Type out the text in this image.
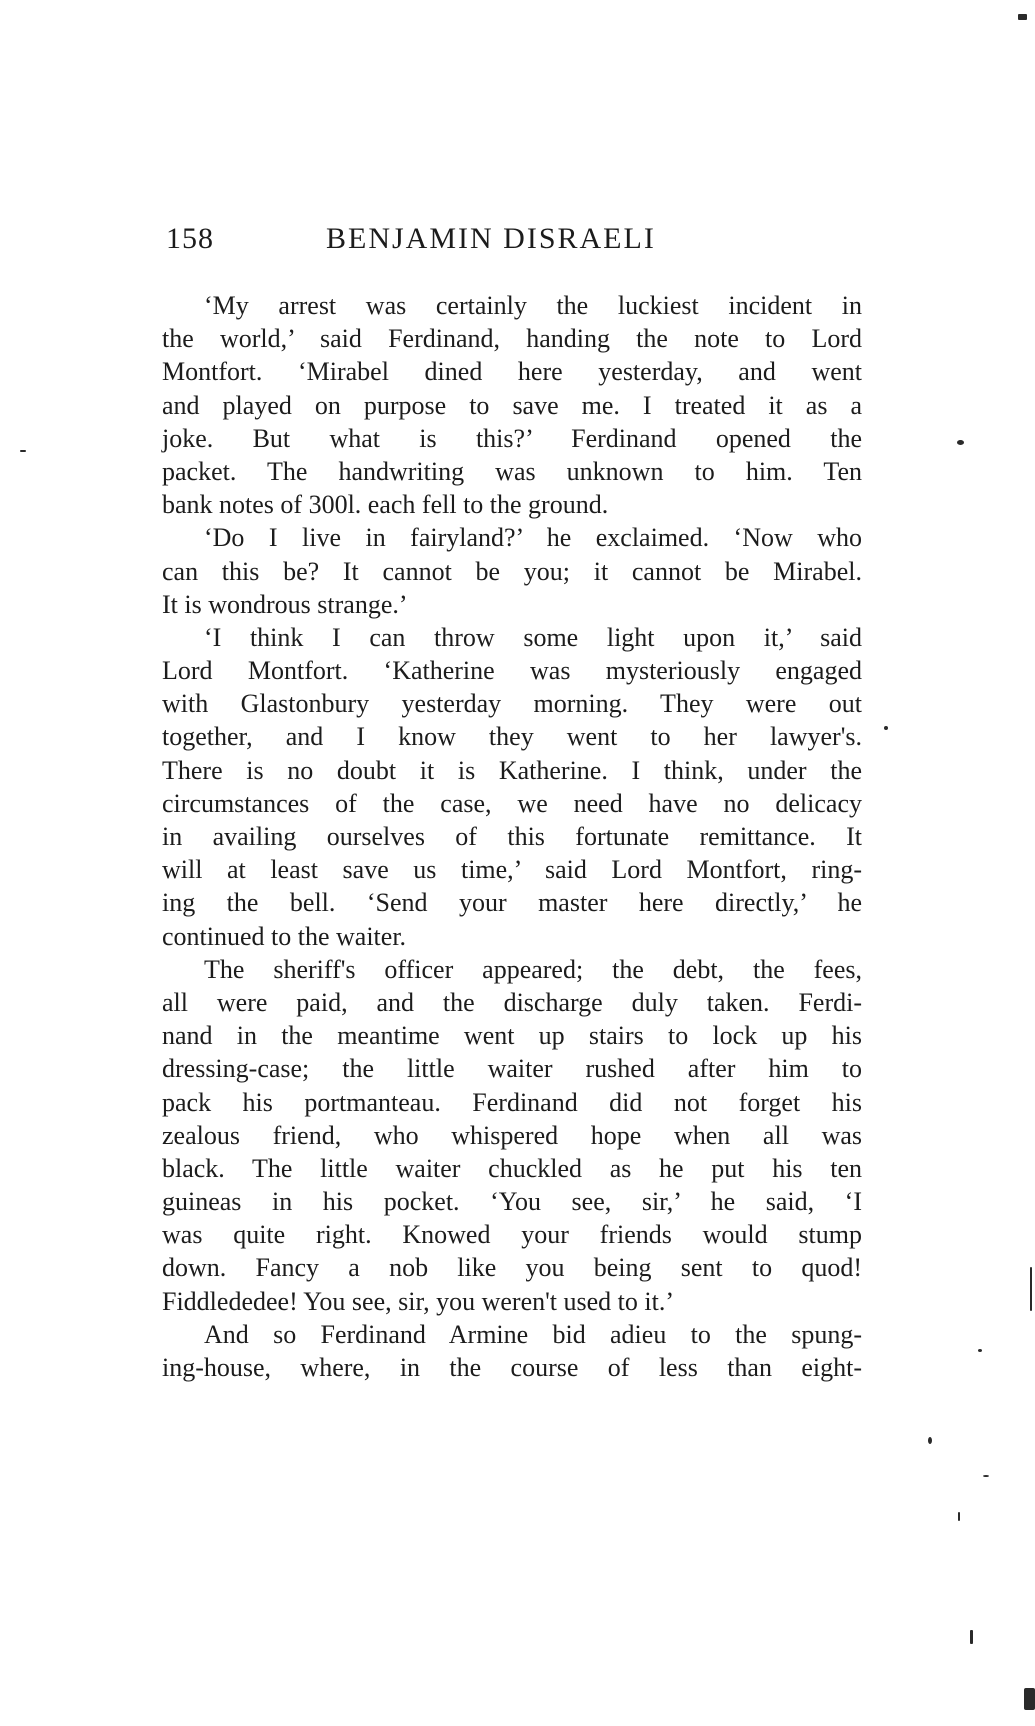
158	BENJAMIN DISRAELI
‘My arrest was certainly the luckiest incident in
the world,’ said Ferdinand, handing the note to Lord
Montfort. ‘Mirabel dined here yesterday, and went
and played on purpose to save me. I treated it as a
joke. But what is this?’ Ferdinand opened the
packet. The handwriting was unknown to him. Ten
bank notes of 300l. each fell to the ground.
‘Do I live in fairyland?’ he exclaimed. ‘Now who
can this be? It cannot be you; it cannot be Mirabel.
It is wondrous strange.’
‘I think I can throw some light upon it,’ said
Lord Montfort. ‘Katherine was mysteriously engaged
with Glastonbury yesterday morning. They were out
together, and I know they went to her lawyer's.
There is no doubt it is Katherine. I think, under the
circumstances of the case, we need have no delicacy
in availing ourselves of this fortunate remittance. It
will at least save us time,’ said Lord Montfort, ring-
ing the bell. ‘Send your master here directly,’ he
continued to the waiter.
The sheriff's officer appeared; the debt, the fees,
all were paid, and the discharge duly taken. Ferdi-
nand in the meantime went up stairs to lock up his
dressing-case; the little waiter rushed after him to
pack his portmanteau. Ferdinand did not forget his
zealous friend, who whispered hope when all was
black. The little waiter chuckled as he put his ten
guineas in his pocket. ‘You see, sir,’ he said, ‘I
was quite right. Knowed your friends would stump
down. Fancy a nob like you being sent to quod!
Fiddlededee! You see, sir, you weren't used to it.’
And so Ferdinand Armine bid adieu to the spung-
ing-house, where, in the course of less than eight-
